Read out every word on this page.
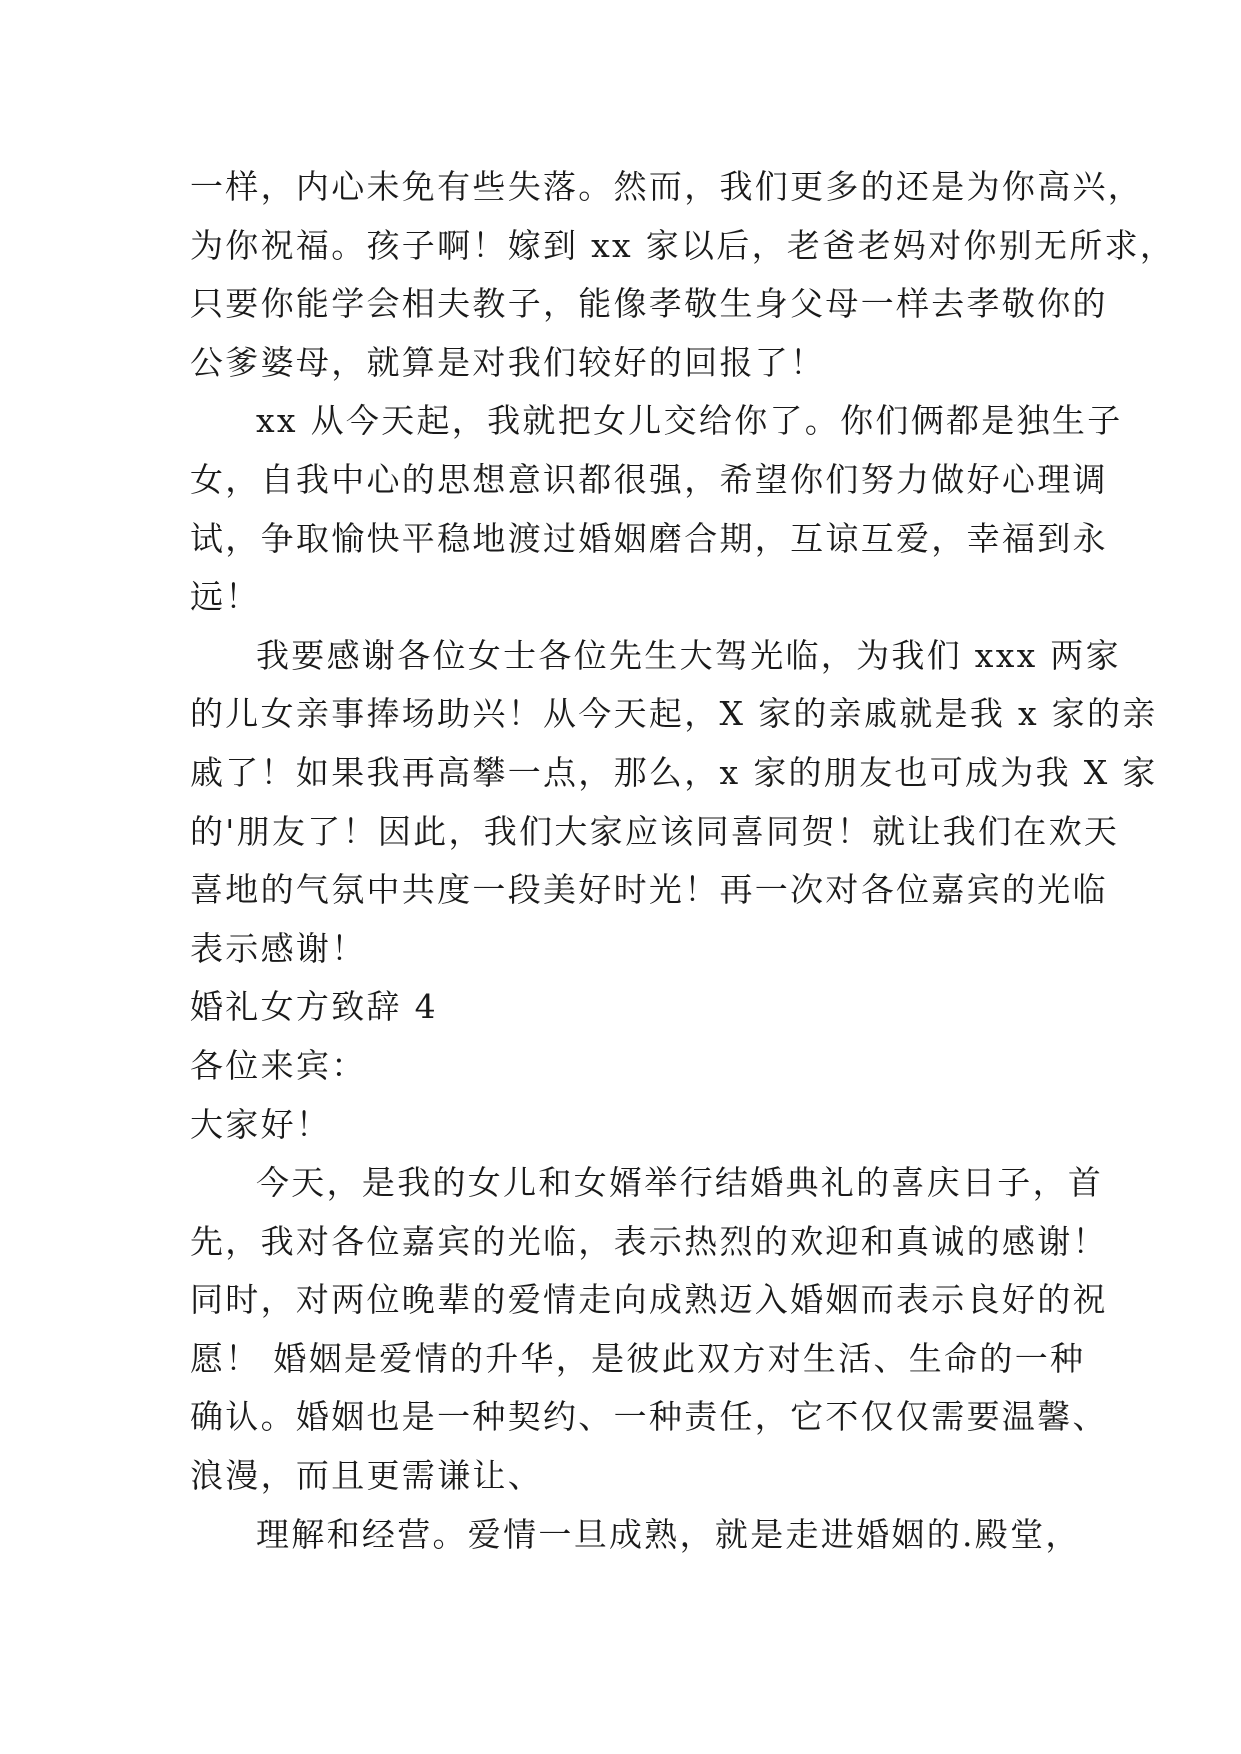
一样，内心未免有些失落。然而，我们更多的还是为你高兴，
为你祝福。孩子啊！嫁到 xx 家以后，老爸老妈对你别无所求，
只要你能学会相夫教子，能像孝敬生身父母一样去孝敬你的
公爹婆母，就算是对我们较好的回报了！
xx 从今天起，我就把女儿交给你了。你们俩都是独生子
女，自我中心的思想意识都很强，希望你们努力做好心理调
试，争取愉快平稳地渡过婚姻磨合期，互谅互爱，幸福到永
远！
我要感谢各位女士各位先生大驾光临，为我们 xxx 两家
的儿女亲事捧场助兴！从今天起，X 家的亲戚就是我 x 家的亲
戚了！如果我再高攀一点，那么，x 家的朋友也可成为我 X 家
的'朋友了！因此，我们大家应该同喜同贺！就让我们在欢天
喜地的气氛中共度一段美好时光！再一次对各位嘉宾的光临
表示感谢！
婚礼女方致辞 4
各位来宾：
大家好！
今天，是我的女儿和女婿举行结婚典礼的喜庆日子，首
先，我对各位嘉宾的光临，表示热烈的欢迎和真诚的感谢！
同时，对两位晚辈的爱情走向成熟迈入婚姻而表示良好的祝
愿！ 婚姻是爱情的升华，是彼此双方对生活、生命的一种
确认。婚姻也是一种契约、一种责任，它不仅仅需要温馨、
浪漫，而且更需谦让、
理解和经营。爱情一旦成熟，就是走进婚姻的.殿堂，
